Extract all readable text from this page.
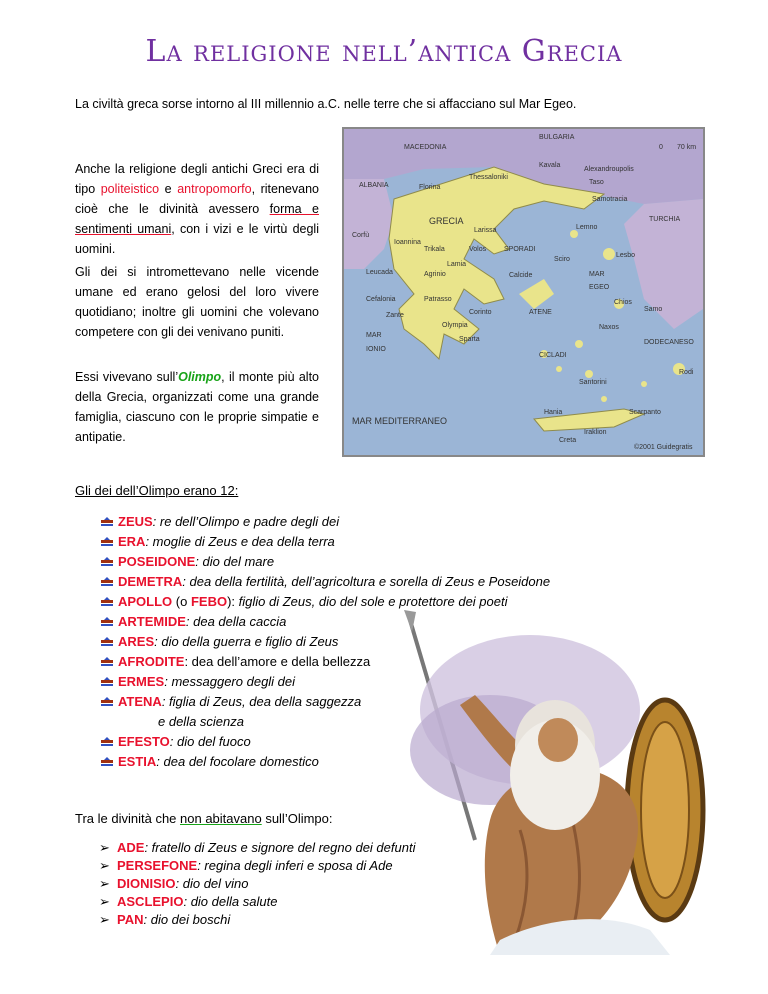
La religione nell’antica Grecia
La civiltà greca sorse intorno al III millennio a.C. nelle terre che si affacciano sul Mar Egeo.
Anche la religione degli antichi Greci era di tipo politeistico e antropomorfo, ritenevano cioè che le divinità avessero forma e sentimenti umani, con i vizi e le virtù degli uomini.
Gli dei si intromettevano nelle vicende umane ed erano gelosi del loro vivere quotidiano; inoltre gli uomini che volevano competere con gli dei venivano puniti.
Essi vivevano sull’Olimpo, il monte più alto della Grecia, organizzati come una grande famiglia, ciascuno con le proprie simpatie e antipatie.
BULGARIA
MACEDONIA
ALBANIA
GRECIA	TURCHIA
Corfù
Leucada
Cefalonia
Zante
MAR
IONIO
MAR
EGEO
CICLADI
DODECANESO
Rodi
Santorini
Creta
Hania
Iraklion
Scarpanto
Chios
Samo
Lesbo
Lemno
Samotracia
Taso
Sciro
SPORADI
Kavala
Alexandroupolis
Thessaloniki
Florina
Ioannina
Trikala
Larissa
Volos
Lamia
Agrinio	Calcide
Patrasso
Corinto	ATENE
Olympia
Sparta
Naxos
0 70 km
MAR MEDITERRANEO
©2001 Guidegratis
Gli dei dell’Olimpo erano 12:
ZEUS: re dell’Olimpo e padre degli dei
ERA: moglie di Zeus e dea della terra
POSEIDONE: dio del mare
DEMETRA: dea della fertilità, dell’agricoltura e sorella di Zeus e Poseidone
APOLLO (o FEBO): figlio di Zeus, dio del sole e protettore dei poeti
ARTEMIDE: dea della caccia
ARES: dio della guerra e figlio di Zeus
AFRODITE: dea dell’amore e della bellezza
ERMES: messaggero degli dei
ATENA: figlia di Zeus, dea della saggezza
e della scienza
EFESTO: dio del fuoco
ESTIA: dea del focolare domestico
Tra le divinità che non abitavano sull’Olimpo:
➢ ADE: fratello di Zeus e signore del regno dei defunti
➢ PERSEFONE: regina degli inferi e sposa di Ade
➢ DIONISIO: dio del vino
➢ ASCLEPIO: dio della salute
➢ PAN: dio dei boschi
